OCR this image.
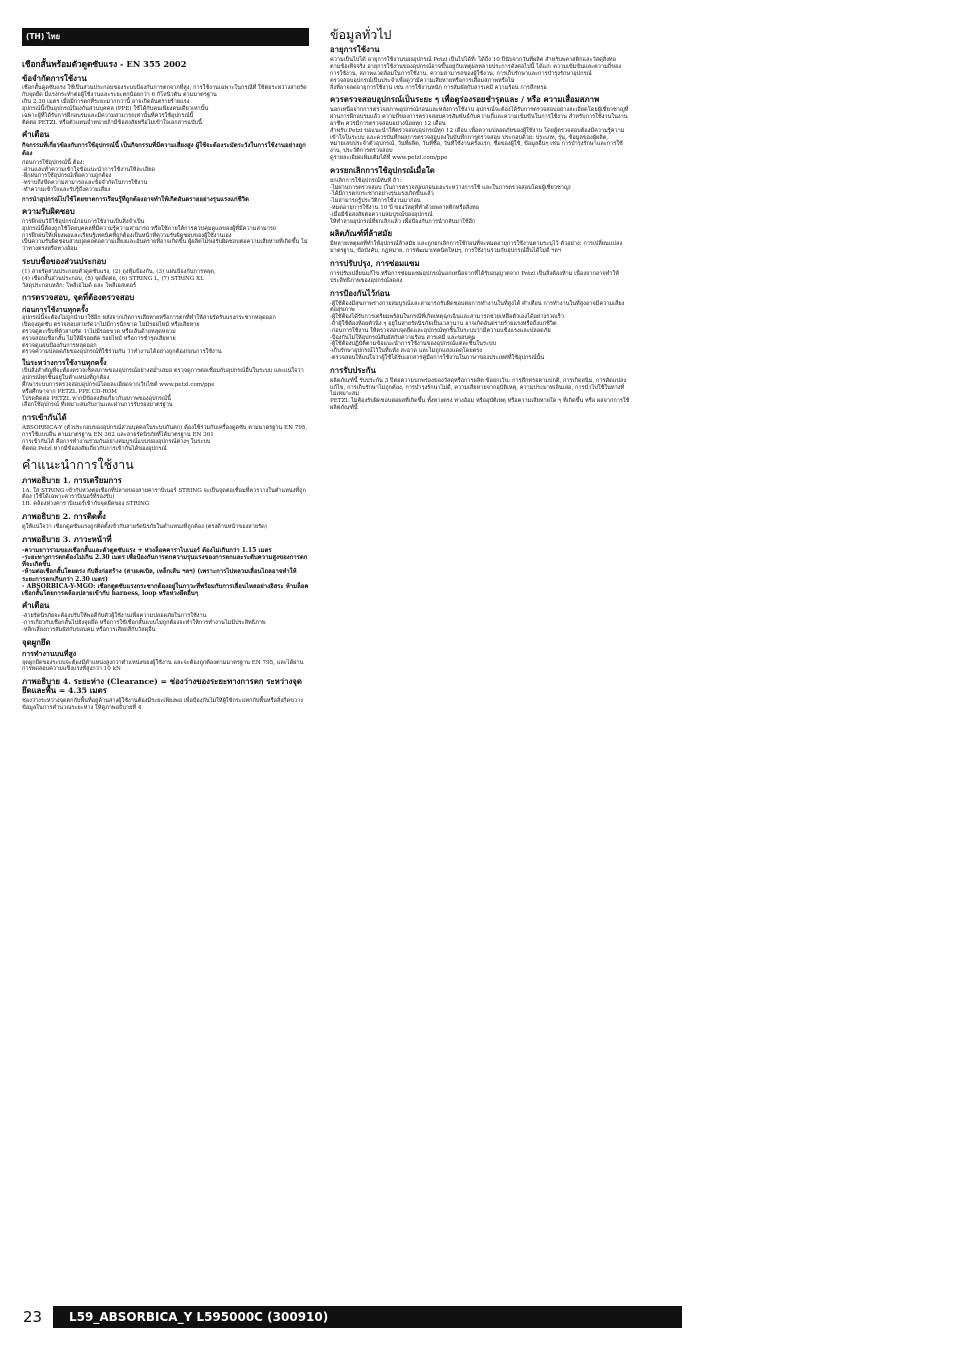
(TH) ไทย
เชือกสั้นพร้อมตัวดูดซับแรง - EN 355 2002
ข้อจำกัดการใช้งาน
เชือกสั้นดูดซับแรง ใช้เป็นส่วนประกอบของระบบป้องกันการตกจากที่สูง, การใช้งานเฉพาะในกรณีที่ ใช้ต่อระหว่างสายรัดกับจุดยึด มีแรงกระทำต่อผู้ใช้งานและระยะตกน้อยกว่า 6 กิโลนิวตัน ตามมาตรฐาน
เกิน 2.30 เมตร เมื่อมีการตกที่ระยะมากกว่านี้ อาจเกิดอันตรายร้ายแรง
อุปกรณ์นี้เป็นอุปกรณ์ป้องกันส่วนบุคคล (PPE) ใช้ได้กับคนเพียงคนเดียวเท่านั้น
เฉพาะผู้ที่ได้รับการฝึกอบรมและมีความสามารถเท่านั้นที่ควรใช้อุปกรณ์นี้
ติดต่อ PETZL หรือตัวแทนจำหน่ายถ้ามีข้อสงสัยหรือไม่เข้าใจเอกสารฉบับนี้
คำเตือน
กิจกรรมที่เกี่ยวข้องกับการใช้อุปกรณ์นี้ เป็นกิจกรรมที่มีความเสี่ยงสูง ผู้ใช้จะต้องระมัดระวังในการใช้งานอย่างถูกต้อง
ก่อนการใช้อุปกรณ์นี้ ต้อง:
-อ่านและทำความเข้าใจข้อแนะนำการใช้งานให้ละเอียด
-ฝึกฝนการใช้อุปกรณ์เพื่อความถูกต้อง
-ทราบถึงขีดความสามารถและข้อจำกัดในการใช้งาน
-ทำความเข้าใจและรับรู้ถึงความเสี่ยง
การนำอุปกรณ์ไปใช้โดยขาดการเรียนรู้ที่ถูกต้องอาจทำให้เกิดอันตรายอย่างรุนแรงแก่ชีวิต
ความรับผิดชอบ
การฝึกฝนวิธีใช้อุปกรณ์ก่อนการใช้งานเป็นสิ่งจำเป็น
อุปกรณ์นี้ต้องถูกใช้โดยบุคคลที่มีความรู้ความสามารถ หรือใช้ภายใต้การควบคุมดูแลของผู้ที่มีความสามารถ
การฝึกฝนให้เพียงพอและเรียนรู้เทคนิคที่ถูกต้องเป็นหน้าที่ความรับผิดชอบของผู้ใช้งานเอง
เป็นความรับผิดชอบส่วนบุคคลต่อความเสี่ยงและอันตรายที่อาจเกิดขึ้น ผู้ผลิตไม่ขอรับผิดชอบต่อความเสียหายที่เกิดขึ้น ไม่ว่าทางตรงหรือทางอ้อม
ระบบชื่อของส่วนประกอบ
(1) สายรัดส่วนประกอบตัวดูดซับแรง, (2) ถุงหุ้มป้องกัน, (3) แผ่นป้องกันการหลุด,
(4) เชือกสั้นส่วนประกอบ, (5) จุดยึดต่อ, (6) STRING L, (7) STRING XL
วัสดุประกอบหลัก: โพลีเอไมด์ และ โพลีเอสเตอร์
การตรวจสอบ, จุดที่ต้องตรวจสอบ
ก่อนการใช้งานทุกครั้ง
อุปกรณ์นี้จะต้องไม่ถูกนำมาใช้อีก หลังจากเกิดการเสียหายหรือการตกที่ทำให้สายรัดรับแรงกระชากหลุดออก
เปิดถุงดูดซับ ตรวจสอบสายรัดว่าไม่มีการฉีกขาด ไม่มีรอยไหม้ หรือเสียหาย
ตรวจดูตะเข็บที่ตัวสายรัด ว่าไม่มีรอยขาด หรือเส้นด้ายหลุดหลวม
ตรวจสอบเชือกสั้น ไม่ให้มีรอยตัด รอยไหม้ หรือการชำรุดเสียหาย
ตรวจดูแผ่นป้องกันการหลุดออก
ตรวจความปลอดภัยของอุปกรณ์ที่ใช้ร่วมกัน ว่าทำงานได้อย่างถูกต้องก่อนการใช้งาน
ในระหว่างการใช้งานทุกครั้ง
เป็นสิ่งสำคัญที่จะต้องตรวจเช็คสภาพของอุปกรณ์อย่างสม่ำเสมอ ตรวจดูการต่อเชื่อมกับอุปกรณ์อื่นในระบบ และแน่ใจว่าอุปกรณ์ทุกชิ้นอยู่ในตำแหน่งที่ถูกต้อง
ศึกษาระบบการตรวจสอบอุปกรณ์โดยละเอียดจากเว็บไซต์ www.petzl.com/ppe
หรือศึกษาจาก PETZL PPE CD-ROM
โปรดติดต่อ PETZL หากมีข้อสงสัยเกี่ยวกับสภาพของอุปกรณ์นี้
เลือกใช้อุปกรณ์ ที่เหมาะสมกับงานและผ่านการรับรองมาตรฐาน
การเข้ากันได้
ABSORBICA-Y (ตัวประกอบของอุปกรณ์ส่วนบุคคลในระบบกันตก) ต้องใช้ร่วมกับเครื่องดูดซับ ตามมาตรฐาน EN 795, การใช้แบบอื่น ตามมาตรฐาน EN 362 และสายรัดนิรภัยที่ได้มาตรฐาน EN 361
การเข้ากันได้ คือการทำงานร่วมกันอย่างสมบูรณ์แบบของอุปกรณ์ต่างๆ ในระบบ
ติดต่อ Petzl หากมีข้อสงสัยเกี่ยวกับการเข้ากันได้ของอุปกรณ์
คำแนะนำการใช้งาน
ภาพอธิบาย 1. การเตรียมการ
1A. ใส่ STRING เข้ากับห่วงต่อเชือกที่ปลายของสายคาราบิเนอร์ STRING จะเป็นจุดต่อเชื่อมที่ควรวางในตำแหน่งที่ถูกต้อง (ใช้ได้เฉพาะคาราบิเนอร์ที่รองรับ)
1B. คล้องห่วงคาราบิเนอร์เข้ากับจุดยึดของ STRING
ภาพอธิบาย 2. การติดตั้ง
ดูให้แน่ใจว่า เชือกดูดซับแรงถูกติดตั้งเข้ากับสายรัดนิรภัยในตำแหน่งที่ถูกต้อง (ตรงด้านหน้าของสายรัด)
ภาพอธิบาย 3. ภาวะหน้าที่
-ความยาวรวมของเชือกสั้นและตัวดูดซับแรง + ห่วงล็อคคาราไบเนอร์ ต้องไม่เกินกว่า 1.15 เมตร
-ระยะทางการตกต้องไม่เกิน 2.30 เมตร เพื่อป้องกันการตกความรุนแรงของการตกและระดับความสูงของการตกที่จะเกิดขึ้น
-ห้ามต่อเชือกสั้นโดยตรง กับสิ่งก่อสร้าง (สายเคเบิล, เหล็กเส้น ฯลฯ) (เพราะการไปหลวมเลื่อนไถลอาจทำให้ระยะการตกเกินกว่า 2.30 เมตร)
- ABSORBICA-Y-MGO: เชือกดูดซับแรงกระชากต้องอยู่ในภาวะที่พร้อมกับการเลื่อนไหลอย่างอิสระ ห้ามล็อคเชือกสั้นโดยการคล้องปลายเข้ากับ harness, loop หรือห่วงยึดอื่นๆ
คำเตือน
-สายรัดนิรภัยจะต้องปรับให้พอดีกับตัวผู้ใช้งานเพื่อความปลอดภัยในการใช้งาน
-การเกี่ยวกับเชือกสั้นไปยังจุดยึด หรือการใช้เชือกสั้นแบบไม่ถูกต้องจะทำให้การทำงานไม่มีประสิทธิภาพ
-หลีกเลี่ยงการสัมผัสกับขอบคม หรือการเสียดสีกับวัสดุอื่น
จุดผูกยึด
การทำงานบนที่สูง
จุดผูกยึดของระบบจะต้องมีตำแหน่งสูงกว่าตำแหน่งของผู้ใช้งาน และจะต้องถูกต้องตามมาตรฐาน EN 795, และได้ผ่านการทดสอบความแข็งแรงที่สูงกว่า 10 kN
ภาพอธิบาย 4. ระยะห่าง (Clearance) = ช่องว่างของระยะทางการตก ระหว่างจุดยึดและพื้น = 4.35 เมตร
ช่องว่างระหว่างจุดตกกับพื้นที่อยู่ด้านล่างผู้ใช้งานต้องมีระยะเพียงพอ เพื่อป้องกันไม่ให้ผู้ใช้กระแทกกับพื้นหรือสิ่งกีดขวาง ข้อมูลในการคำนวณระยะห่าง ให้ดูภาพอธิบายที่ 4
ข้อมูลทั่วไป
อายุการใช้งาน
ความเป็นไปได้ อายุการใช้งานของอุปกรณ์ Petzl เป็นไปได้ที่: ได้ถึง 10 ปีนับจากวันที่ผลิต สำหรับพลาสติกและวัสดุสิ่งทอ
ตามข้อเท็จจริง อายุการใช้งานของอุปกรณ์อาจขึ้นอยู่กับเหตุผลหลายประการดังต่อไปนี้ ได้แก่: ความเข้มข้นและความถี่ของการใช้งาน, สภาพแวดล้อมในการใช้งาน, ความสามารถของผู้ใช้งาน, การเก็บรักษาและการบำรุงรักษาอุปกรณ์
ตรวจสอบอุปกรณ์เป็นประจำเพื่อดูว่ามีความเสียหายหรือการเสื่อมสภาพหรือไม่
สิ่งที่อาจลดอายุการใช้งาน เช่น การใช้งานหนัก การสัมผัสกับสารเคมี ความร้อน การสึกหรอ
ควรตรวจสอบอุปกรณ์เป็นระยะ ๆ เพื่อดูร่องรอยชำรุดและ / หรือ ความเสื่อมสภาพ
นอกเหนือจากการตรวจสภาพอุปกรณ์ก่อนและหลังการใช้งาน อุปกรณ์จะต้องได้รับการตรวจสอบอย่างละเอียดโดยผู้เชี่ยวชาญที่ผ่านการฝึกอบรมแล้ว ความถี่ของการตรวจสอบควรสัมพันธ์กับความถี่และความเข้มข้นในการใช้งาน สำหรับการใช้งานในงานอาชีพ ควรมีการตรวจสอบอย่างน้อยทุก 12 เดือน
สำหรับ Petzl ขอแนะนำให้ตรวจสอบอุปกรณ์ทุก 12 เดือน เพื่อความปลอดภัยของผู้ใช้งาน โดยผู้ตรวจสอบต้องมีความรู้ความเข้าใจในระบบ และควรบันทึกผลการตรวจสอบลงในบันทึกการตรวจสอบ ประกอบด้วย: ประเภท, รุ่น, ข้อมูลของผู้ผลิต, หมายเลขประจำตัวอุปกรณ์, วันที่ผลิต, วันที่ซื้อ, วันที่ใช้งานครั้งแรก, ชื่อของผู้ใช้, ข้อมูลอื่นๆ เช่น การบำรุงรักษาและการใช้งาน, ประวัติการตรวจสอบ
ดูรายละเอียดเพิ่มเติมได้ที่ www.petzl.com/ppe
ควรยกเลิกการใช้อุปกรณ์เมื่อใด
ยกเลิกการใช้อุปกรณ์ทันที ถ้า:
-ไม่ผ่านการตรวจสอบ (ในการตรวจสอบก่อนและระหว่างการใช้ และในการตรวจสอบโดยผู้เชี่ยวชาญ)
-ได้มีการตกกระชากอย่างรุนแรงเกิดขึ้นแล้ว
-ไม่สามารถรู้ประวัติการใช้งานมาก่อน
-หมดอายุการใช้งาน 10 ปี ของวัสดุที่ทำด้วยพลาสติกหรือสิ่งทอ
-เมื่อมีข้อสงสัยต่อความสมบูรณ์ของอุปกรณ์
ให้ทำลายอุปกรณ์ที่ยกเลิกแล้ว เพื่อป้องกันการนำกลับมาใช้อีก
ผลิตภัณฑ์ที่ล้าสมัย
มีหลายเหตุผลที่ทำให้อุปกรณ์ล้าสมัย และถูกยกเลิกการใช้ก่อนที่จะหมดอายุการใช้งานตามระบุไว้ ตัวอย่าง: การเปลี่ยนแปลงมาตรฐาน, ข้อบังคับ, กฎหมาย, การพัฒนาเทคนิคใหม่ๆ, การใช้งานร่วมกับอุปกรณ์อื่นได้ไม่ดี ฯลฯ
การปรับปรุง, การซ่อมแซม
การปรับเปลี่ยนแก้ไข หรือการซ่อมแซมอุปกรณ์นอกเหนือจากที่ได้รับอนุญาตจาก Petzl เป็นสิ่งต้องห้าม เนื่องจากอาจทำให้ประสิทธิภาพของอุปกรณ์ลดลง
การป้องกันไว้ก่อน
-ผู้ใช้ต้องมีสุขภาพร่างกายสมบูรณ์และสามารถรับผิดชอบต่อการทำงานในที่สูงได้ คำเตือน การทำงานในที่สูงอาจมีความเสี่ยงต่อสุขภาพ
-ผู้ใช้ต้องได้รับการเตรียมพร้อมในกรณีที่เกิดเหตุฉุกเฉินและสามารถช่วยเหลือตัวเองได้อย่างรวดเร็ว
-ถ้าผู้ใช้ต้องห้อยตัวนิ่ง ๆ อยู่ในสายรัดนิรภัยเป็นเวลานาน อาจเกิดอันตรายร้ายแรงหรือถึงแก่ชีวิต
-ก่อนการใช้งาน ให้ตรวจสอบจุดยึดและอุปกรณ์ทุกชิ้นในระบบว่ามีความแข็งแรงและปลอดภัย
-ป้องกันไม่ให้อุปกรณ์สัมผัสกับความร้อน สารเคมี และขอบคม
-ผู้ใช้ต้องปฏิบัติตามข้อแนะนำการใช้งานของอุปกรณ์แต่ละชิ้นในระบบ
-เก็บรักษาอุปกรณ์ไว้ในที่แห้ง สะอาด และไม่ถูกแสงแดดโดยตรง
-ตรวจสอบให้แน่ใจว่าผู้ใช้ได้รับเอกสารคู่มือการใช้งานในภาษาของประเทศที่ใช้อุปกรณ์นั้น
การรับประกัน
ผลิตภัณฑ์นี้ รับประกัน 3 ปีต่อความบกพร่องของวัสดุหรือการผลิต ข้อยกเว้น: การสึกหรอตามปกติ, การเกิดสนิม, การดัดแปลงแก้ไข, การเก็บรักษาไม่ถูกต้อง, การบำรุงรักษาไม่ดี, ความเสียหายจากอุบัติเหตุ, ความประมาทเลินเล่อ, การนำไปใช้ในทางที่ไม่เหมาะสม
PETZL ไม่ต้องรับผิดชอบต่อผลที่เกิดขึ้น ทั้งทางตรง ทางอ้อม หรืออุบัติเหตุ หรือความเสียหายใด ๆ ที่เกิดขึ้น หรือ ผลจากการใช้ผลิตภัณฑ์นี้
23	L59_ABSORBICA_Y L595000C (300910)
